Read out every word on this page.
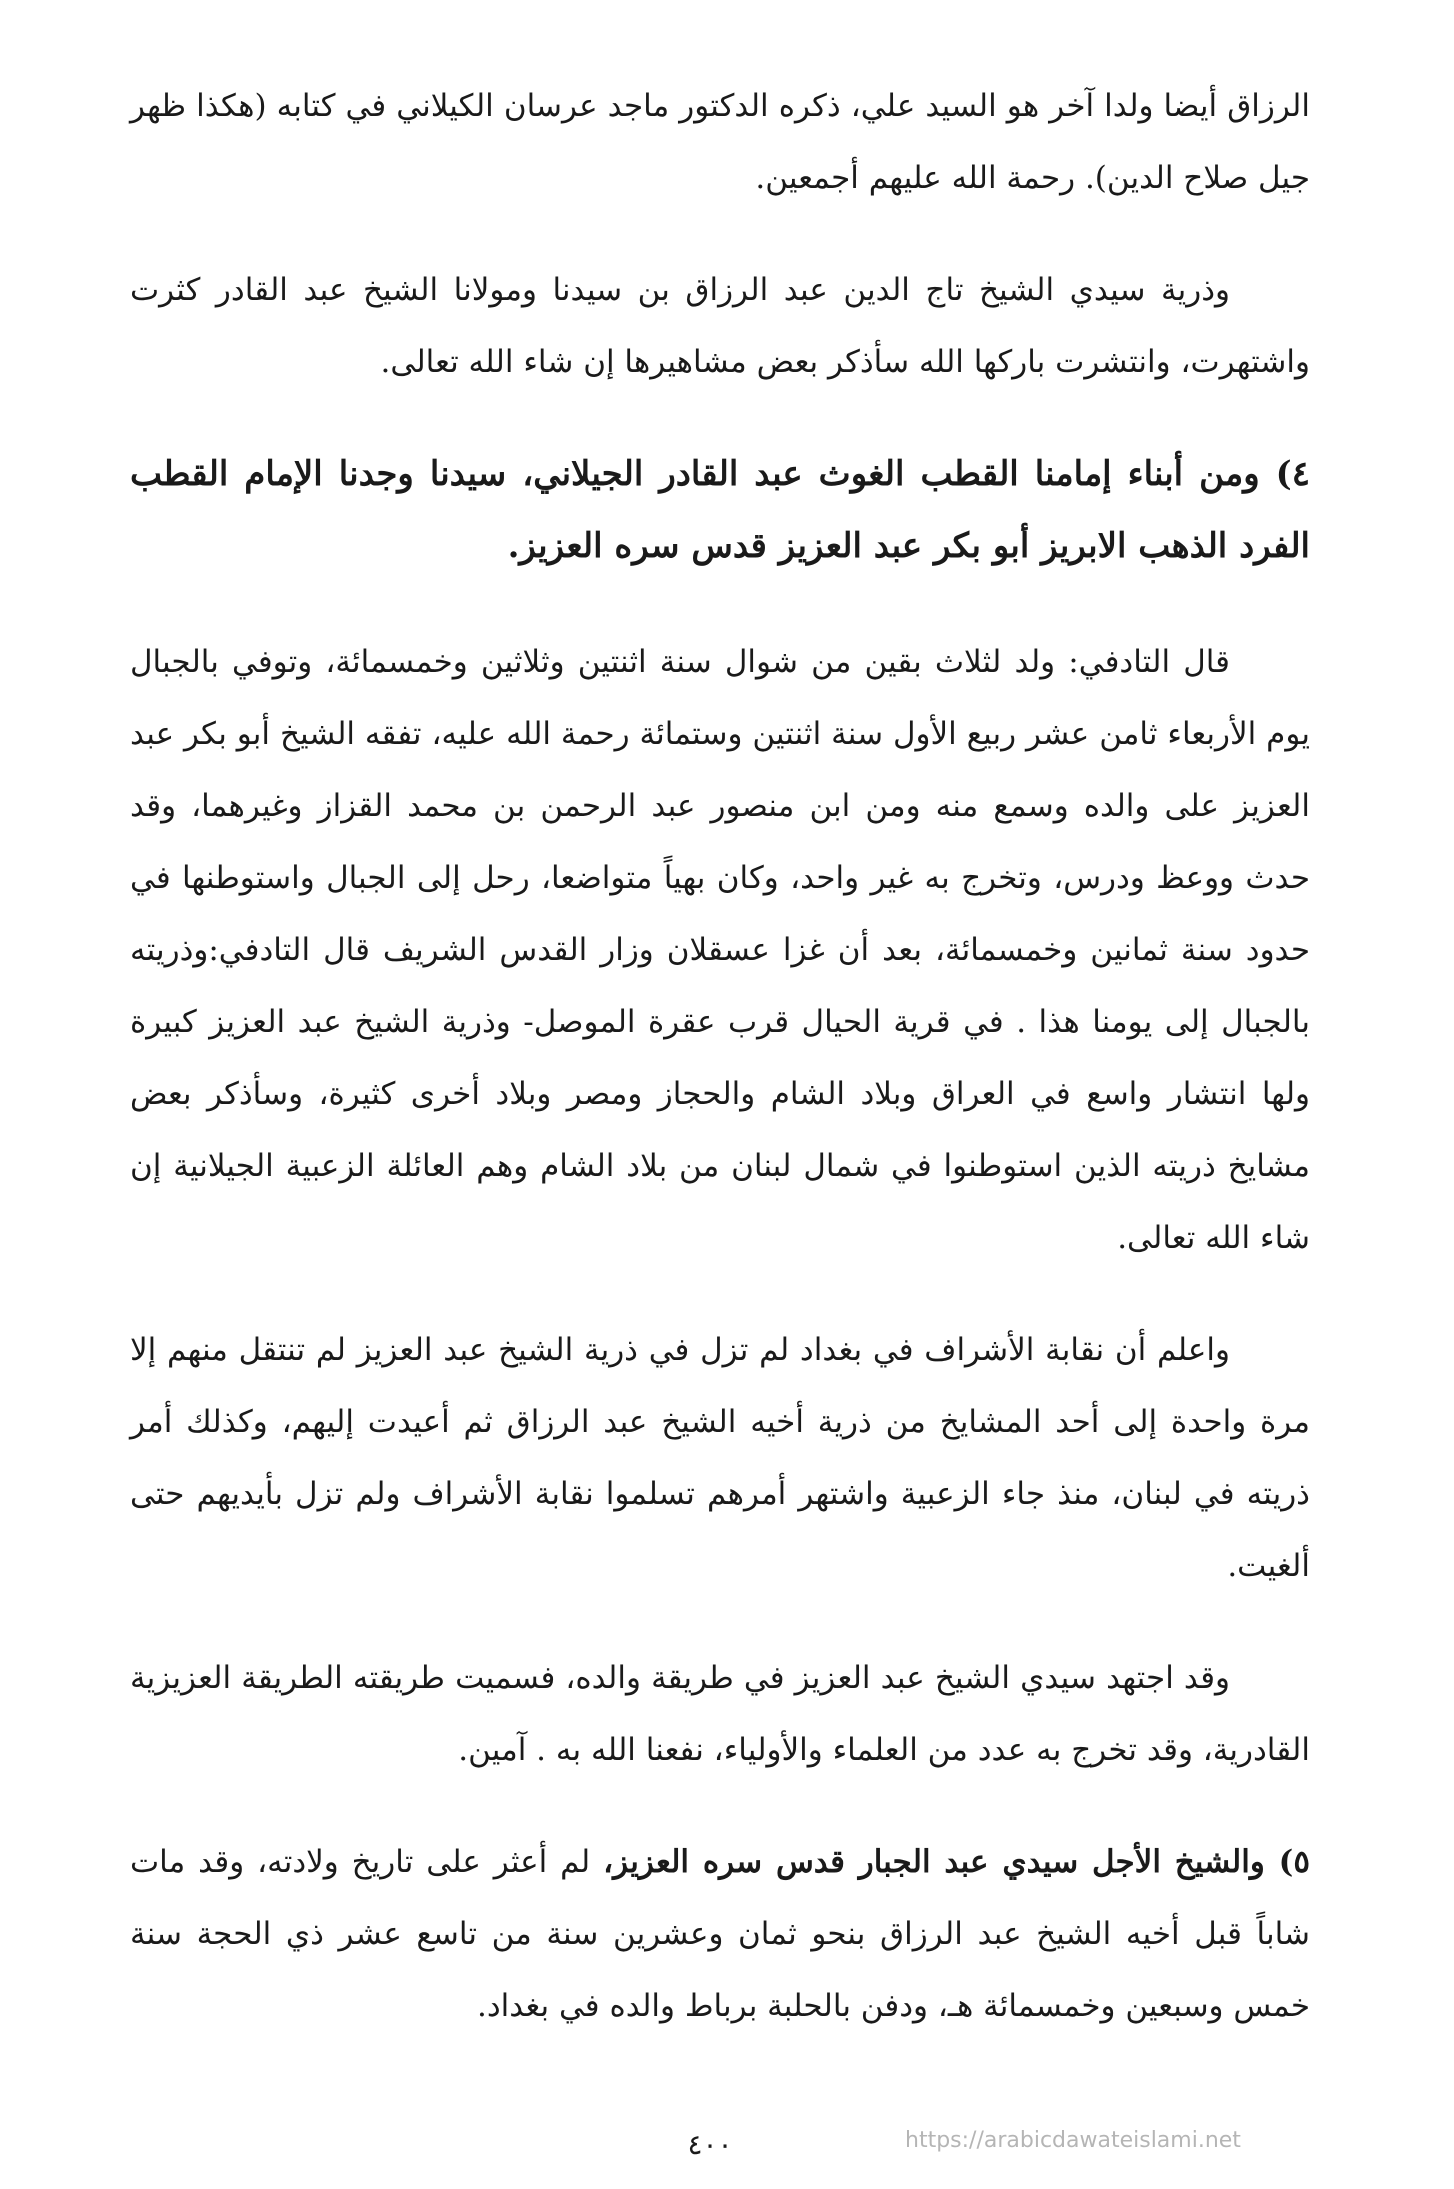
الرزاق أيضا ولدا آخر هو السيد علي، ذكره الدكتور ماجد عرسان الكيلاني في كتابه (هكذا ظهر جيل صلاح الدين). رحمة الله عليهم أجمعين.

وذرية سيدي الشيخ تاج الدين عبد الرزاق بن سيدنا ومولانا الشيخ عبد القادر كثرت واشتهرت، وانتشرت باركها الله سأذكر بعض مشاهيرها إن شاء الله تعالى.

٤) ومن أبناء إمامنا القطب الغوث عبد القادر الجيلاني، سيدنا وجدنا الإمام القطب الفرد الذهب الابريز أبو بكر عبد العزيز قدس سره العزيز.

قال التادفي: ولد لثلاث بقين من شوال سنة اثنتين وثلاثين وخمسمائة، وتوفي بالجبال يوم الأربعاء ثامن عشر ربيع الأول سنة اثنتين وستمائة رحمة الله عليه، تفقه الشيخ أبو بكر عبد العزيز على والده وسمع منه ومن ابن منصور عبد الرحمن بن محمد القزاز وغيرهما، وقد حدث ووعظ ودرس، وتخرج به غير واحد، وكان بهياً متواضعا، رحل إلى الجبال واستوطنها في حدود سنة ثمانين وخمسمائة، بعد أن غزا عسقلان وزار القدس الشريف قال التادفي:وذريته بالجبال إلى يومنا هذا . في قرية الحيال قرب عقرة الموصل- وذرية الشيخ عبد العزيز كبيرة ولها انتشار واسع في العراق وبلاد الشام والحجاز ومصر وبلاد أخرى كثيرة، وسأذكر بعض مشايخ ذريته الذين استوطنوا في شمال لبنان من بلاد الشام وهم العائلة الزعبية الجيلانية إن شاء الله تعالى.

واعلم أن نقابة الأشراف في بغداد لم تزل في ذرية الشيخ عبد العزيز لم تنتقل منهم إلا مرة واحدة إلى أحد المشايخ من ذرية أخيه الشيخ عبد الرزاق ثم أعيدت إليهم، وكذلك أمر ذريته في لبنان، منذ جاء الزعبية واشتهر أمرهم تسلموا نقابة الأشراف ولم تزل بأيديهم حتى ألغيت.

وقد اجتهد سيدي الشيخ عبد العزيز في طريقة والده، فسميت طريقته الطريقة العزيزية القادرية، وقد تخرج به عدد من العلماء والأولياء، نفعنا الله به . آمين.

٥) والشيخ الأجل سيدي عبد الجبار قدس سره العزيز، لم أعثر على تاريخ ولادته، وقد مات شاباً قبل أخيه الشيخ عبد الرزاق بنحو ثمان وعشرين سنة من تاسع عشر ذي الحجة سنة خمس وسبعين وخمسمائة هـ، ودفن بالحلبة برباط والده في بغداد.

٤٠٠	https://arabicdawateislami.net
